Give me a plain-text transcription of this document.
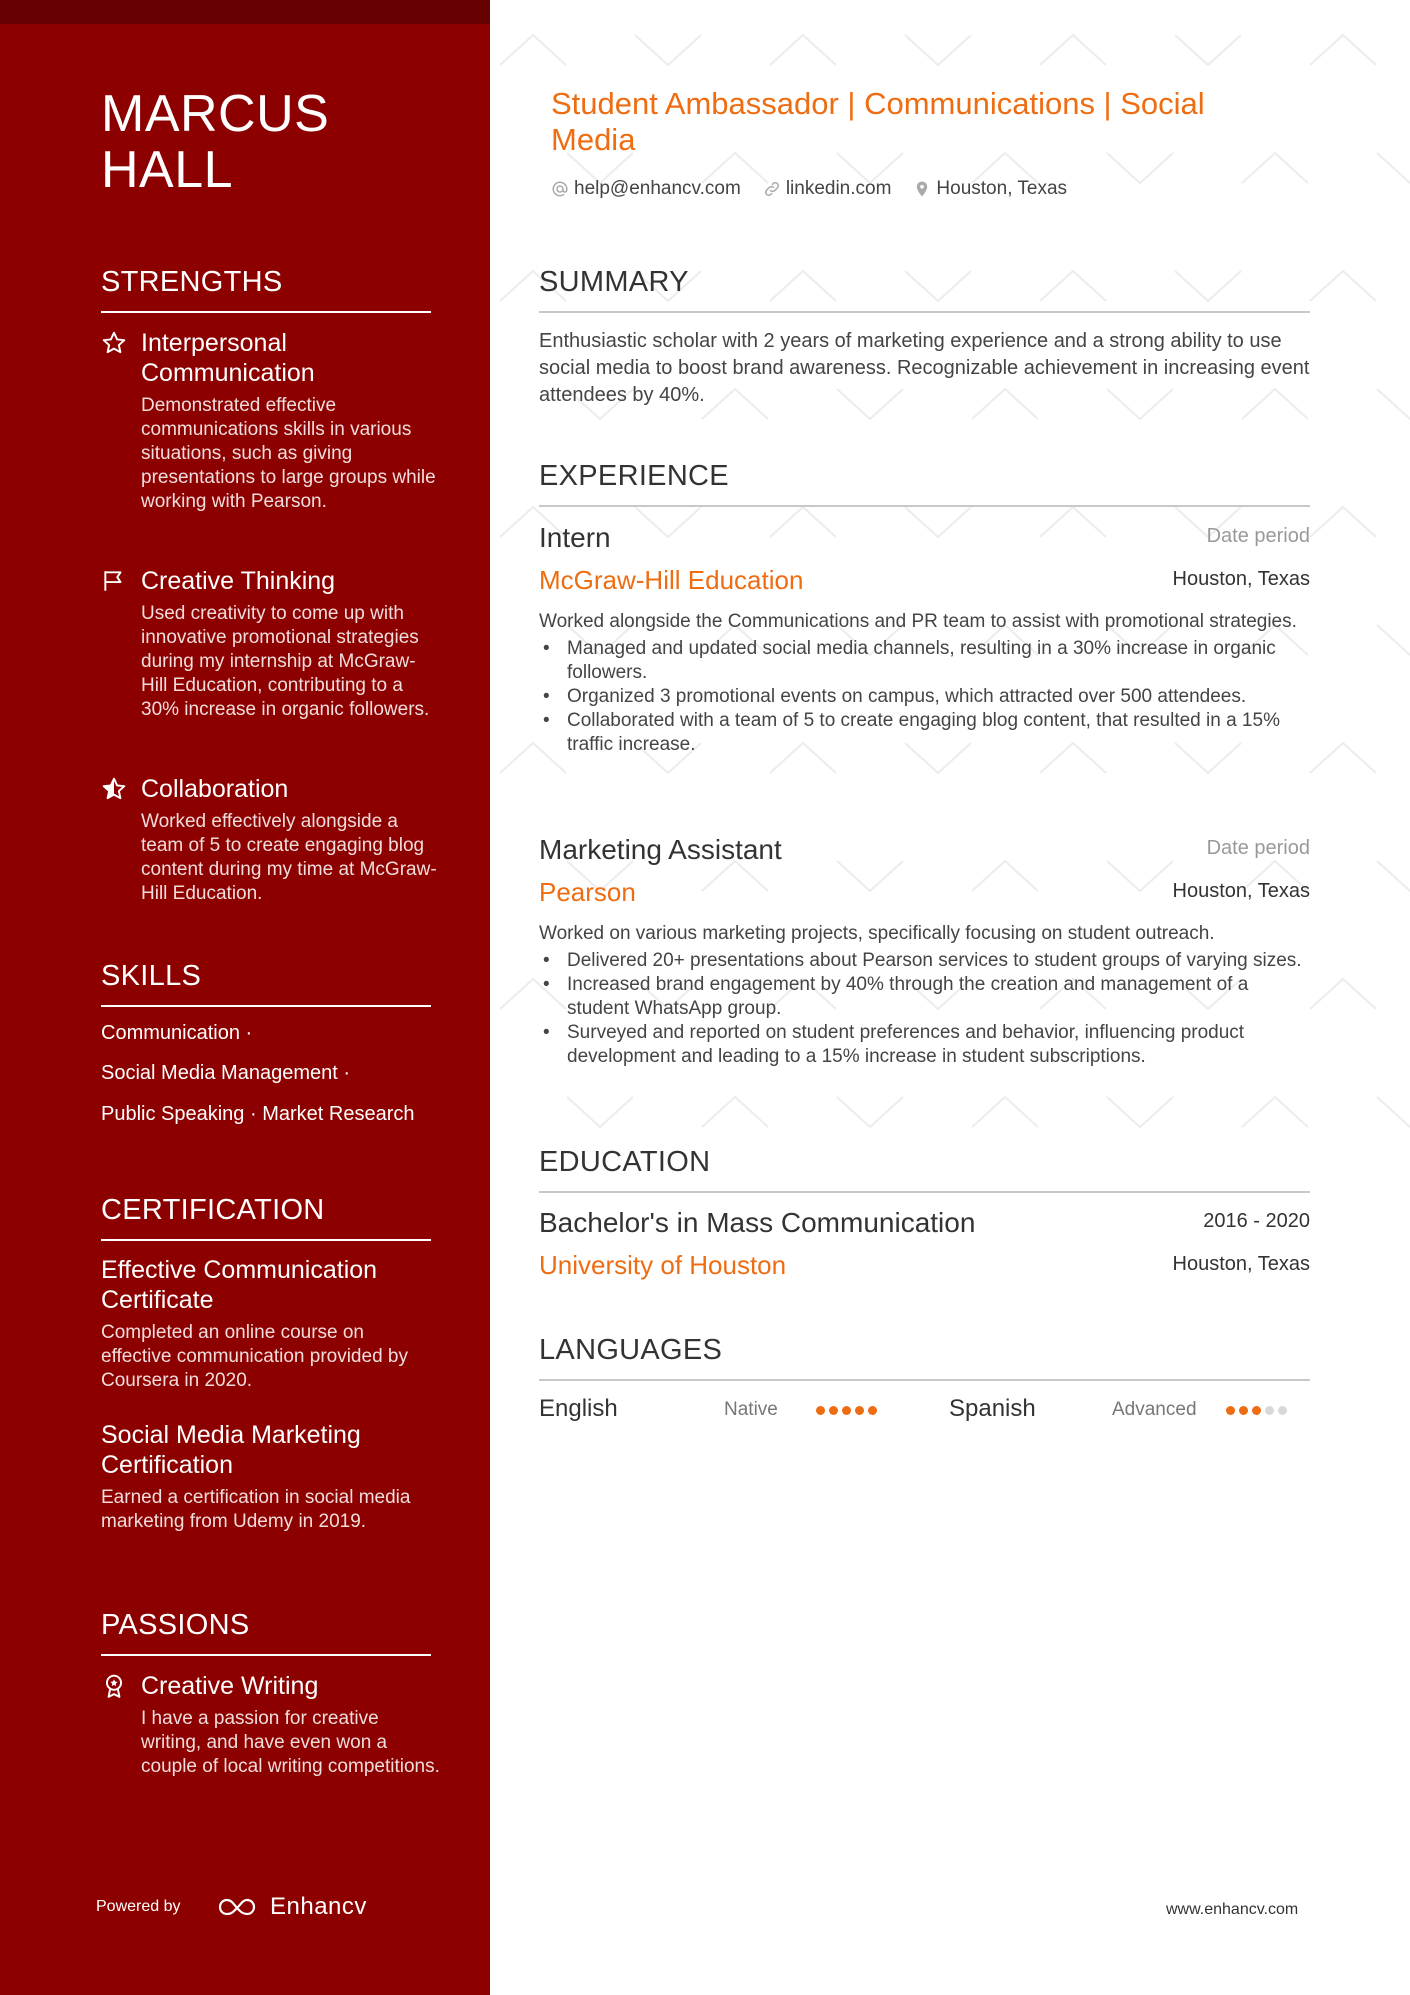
MARCUS
HALL
STRENGTHS
Interpersonal Communication
Demonstrated effective communications skills in various situations, such as giving presentations to large groups while working with Pearson.
Creative Thinking
Used creativity to come up with innovative promotional strategies during my internship at McGraw-Hill Education, contributing to a 30% increase in organic followers.
Collaboration
Worked effectively alongside a team of 5 to create engaging blog content during my time at McGraw-Hill Education.
SKILLS
Communication ·
Social Media Management ·
Public Speaking · Market Research
CERTIFICATION
Effective Communication Certificate
Completed an online course on effective communication provided by Coursera in 2020.
Social Media Marketing Certification
Earned a certification in social media marketing from Udemy in 2019.
PASSIONS
Creative Writing
I have a passion for creative writing, and have even won a couple of local writing competitions.
Powered by	Enhancv
Student Ambassador | Communications | Social Media
help@enhancv.com linkedin.com Houston, Texas
SUMMARY
Enthusiastic scholar with 2 years of marketing experience and a strong ability to use social media to boost brand awareness. Recognizable achievement in increasing event attendees by 40%.
EXPERIENCE
Intern	Date period
McGraw-Hill Education	Houston, Texas
Worked alongside the Communications and PR team to assist with promotional strategies.
• Managed and updated social media channels, resulting in a 30% increase in organic followers.
• Organized 3 promotional events on campus, which attracted over 500 attendees.
• Collaborated with a team of 5 to create engaging blog content, that resulted in a 15% traffic increase.
Marketing Assistant	Date period
Pearson	Houston, Texas
Worked on various marketing projects, specifically focusing on student outreach.
• Delivered 20+ presentations about Pearson services to student groups of varying sizes.
• Increased brand engagement by 40% through the creation and management of a student WhatsApp group.
• Surveyed and reported on student preferences and behavior, influencing product development and leading to a 15% increase in student subscriptions.
EDUCATION
Bachelor's in Mass Communication	2016 - 2020
University of Houston	Houston, Texas
LANGUAGES
English	Native	Spanish	Advanced
www.enhancv.com
